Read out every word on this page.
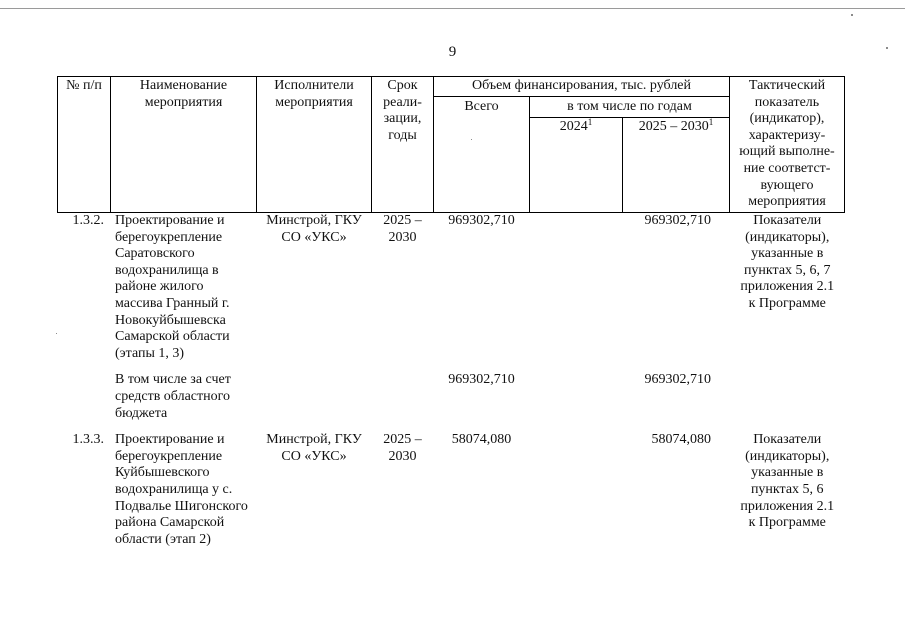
9
№ п/п	Наименование мероприятия	Исполнители мероприятия	Срок реали-зации, годы	Объем финансирования, тыс. рублей			Тактический показатель (индикатор), характеризу-ющий выполне-ние соответст-вующего мероприятия
				Всего	в том числе по годам		
					2024$^1$	2025 – 2030$^1$
1.3.2.	Проектирование и берегоукрепление Саратовского водохранилища в районе жилого массива Гранный г. Новокуйбышевска Самарской области (этапы 1, 3)	Минстрой, ГКУ СО «УКС»	2025 – 2030	969302,710		969302,710	Показатели (индикаторы), указанные в пунктах 5, 6, 7 приложения 2.1 к Программе

	В том числе за счет средств областного бюджета			969302,710		969302,710	

1.3.3.	Проектирование и берегоукрепление Куйбышевского водохранилища у с. Подвалье Шигонского района Самарской области (этап 2)	Минстрой, ГКУ СО «УКС»	2025 – 2030	58074,080		58074,080	Показатели (индикаторы), указанные в пунктах 5, 6 приложения 2.1 к Программе
